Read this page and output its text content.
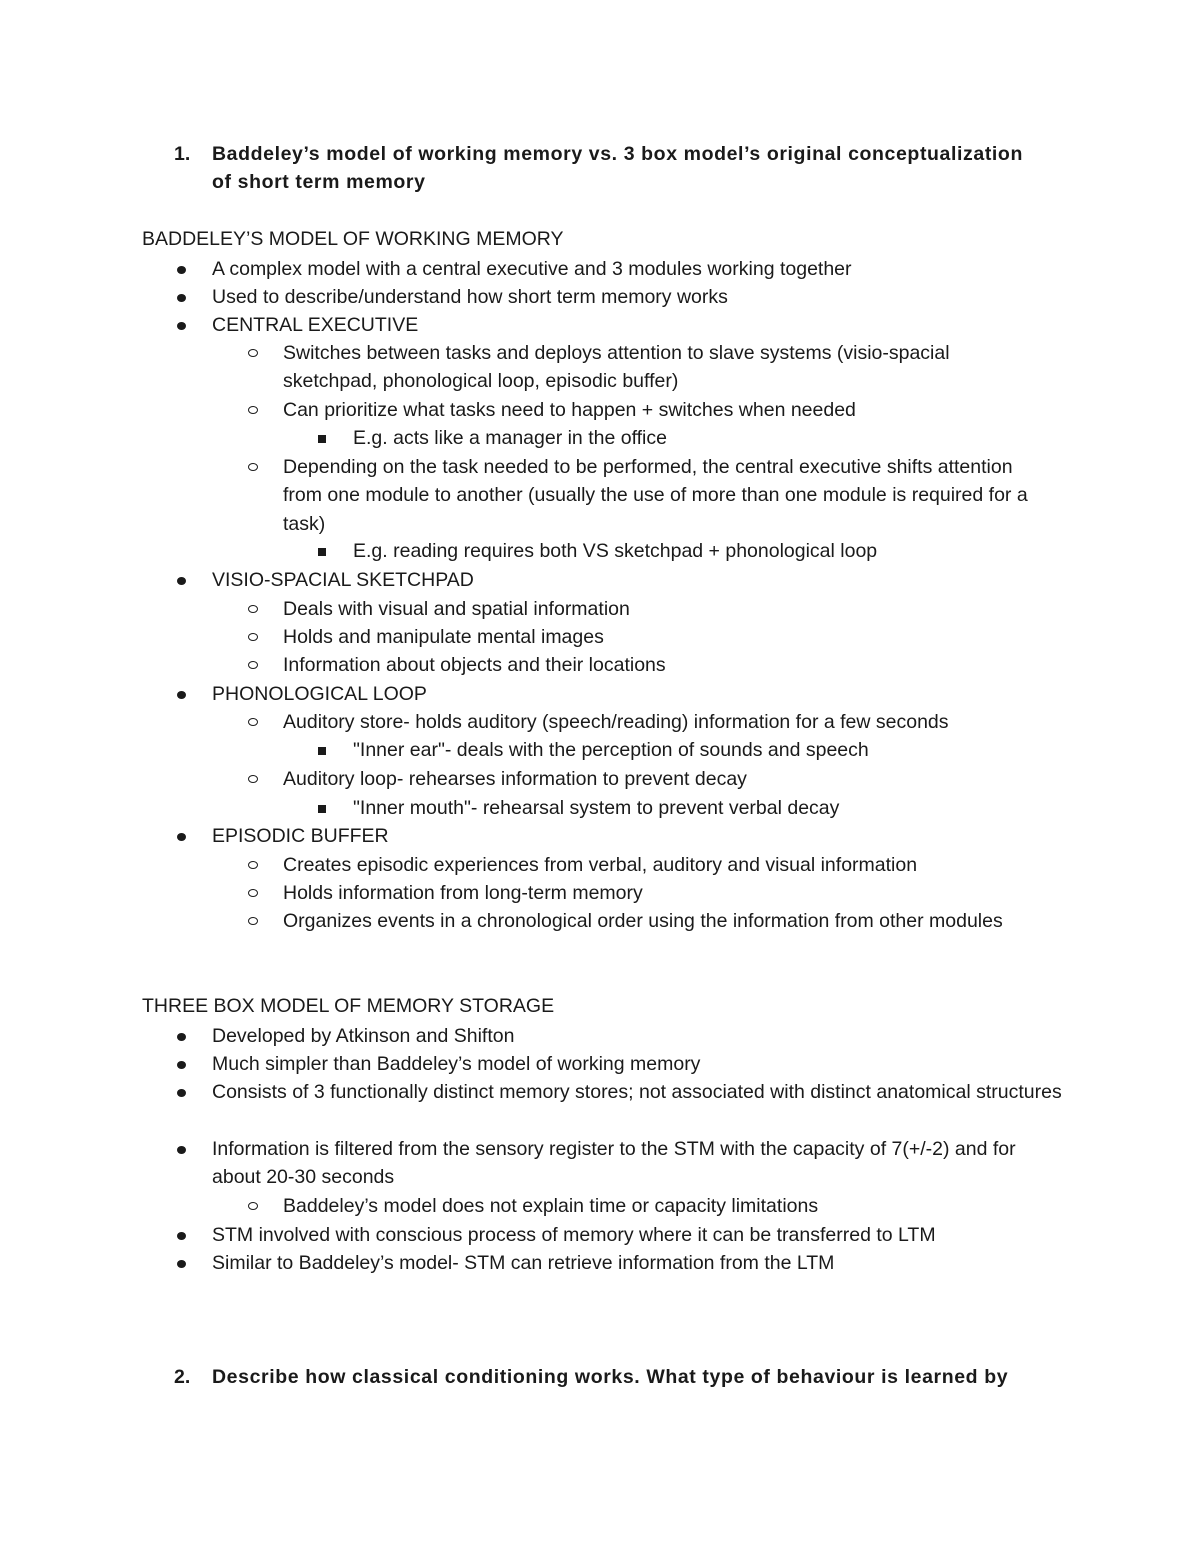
1. Baddeley’s model of working memory vs. 3 box model’s original conceptualization
of short term memory
BADDELEY’S MODEL OF WORKING MEMORY
A complex model with a central executive and 3 modules working together
Used to describe/understand how short term memory works
CENTRAL EXECUTIVE
Switches between tasks and deploys attention to slave systems (visio-spacial sketchpad, phonological loop, episodic buffer)
Can prioritize what tasks need to happen + switches when needed
E.g. acts like a manager in the office
Depending on the task needed to be performed, the central executive shifts attention from one module to another (usually the use of more than one module is required for a task)
E.g. reading requires both VS sketchpad + phonological loop
VISIO-SPACIAL SKETCHPAD
Deals with visual and spatial information
Holds and manipulate mental images
Information about objects and their locations
PHONOLOGICAL LOOP
Auditory store- holds auditory (speech/reading) information for a few seconds
"Inner ear"- deals with the perception of sounds and speech
Auditory loop- rehearses information to prevent decay
"Inner mouth"- rehearsal system to prevent verbal decay
EPISODIC BUFFER
Creates episodic experiences from verbal, auditory and visual information
Holds information from long-term memory
Organizes events in a chronological order using the information from other modules
THREE BOX MODEL OF MEMORY STORAGE
Developed by Atkinson and Shifton
Much simpler than Baddeley’s model of working memory
Consists of 3 functionally distinct memory stores; not associated with distinct anatomical structures
Information is filtered from the sensory register to the STM with the capacity of 7(+/-2) and for about 20-30 seconds
Baddeley’s model does not explain time or capacity limitations
STM involved with conscious process of memory where it can be transferred to LTM
Similar to Baddeley’s model- STM can retrieve information from the LTM
2. Describe how classical conditioning works. What type of behaviour is learned by
